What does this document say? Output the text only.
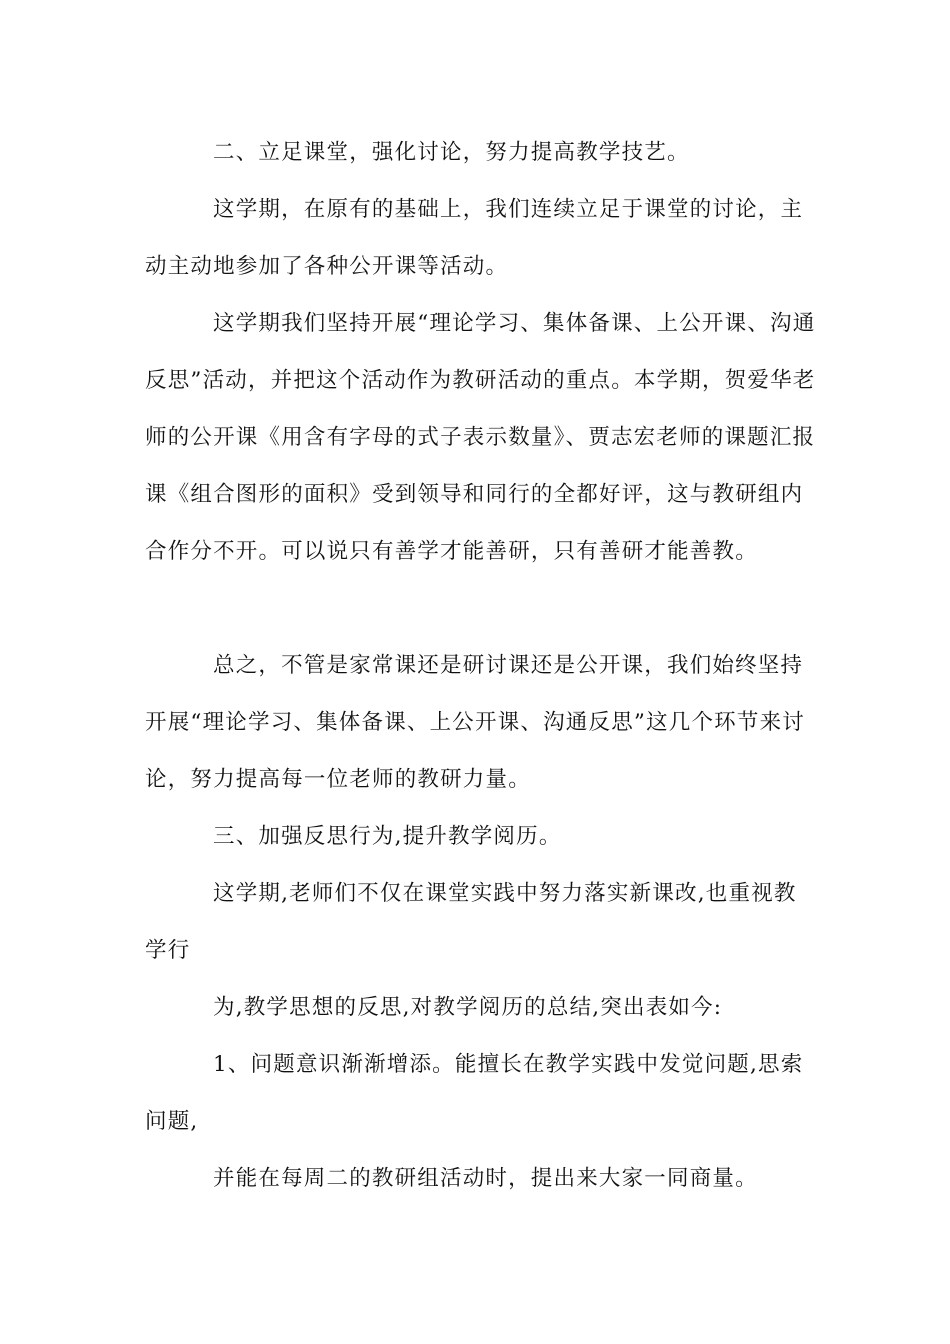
二、立足课堂，强化讨论，努力提高教学技艺。

这学期，在原有的基础上，我们连续立足于课堂的讨论，主动主动地参加了各种公开课等活动。

这学期我们坚持开展“理论学习、集体备课、上公开课、沟通反思”活动，并把这个活动作为教研活动的重点。本学期，贺爱华老师的公开课《用含有字母的式子表示数量》、贾志宏老师的课题汇报课《组合图形的面积》受到领导和同行的全都好评，这与教研组内合作分不开。可以说只有善学才能善研，只有善研才能善教。

总之，不管是家常课还是研讨课还是公开课，我们始终坚持开展“理论学习、集体备课、上公开课、沟通反思”这几个环节来讨论，努力提高每一位老师的教研力量。

三、加强反思行为,提升教学阅历。

这学期,老师们不仅在课堂实践中努力落实新课改,也重视教学行

为,教学思想的反思,对教学阅历的总结,突出表如今:

1、问题意识渐渐增添。能擅长在教学实践中发觉问题,思索问题,

并能在每周二的教研组活动时，提出来大家一同商量。
